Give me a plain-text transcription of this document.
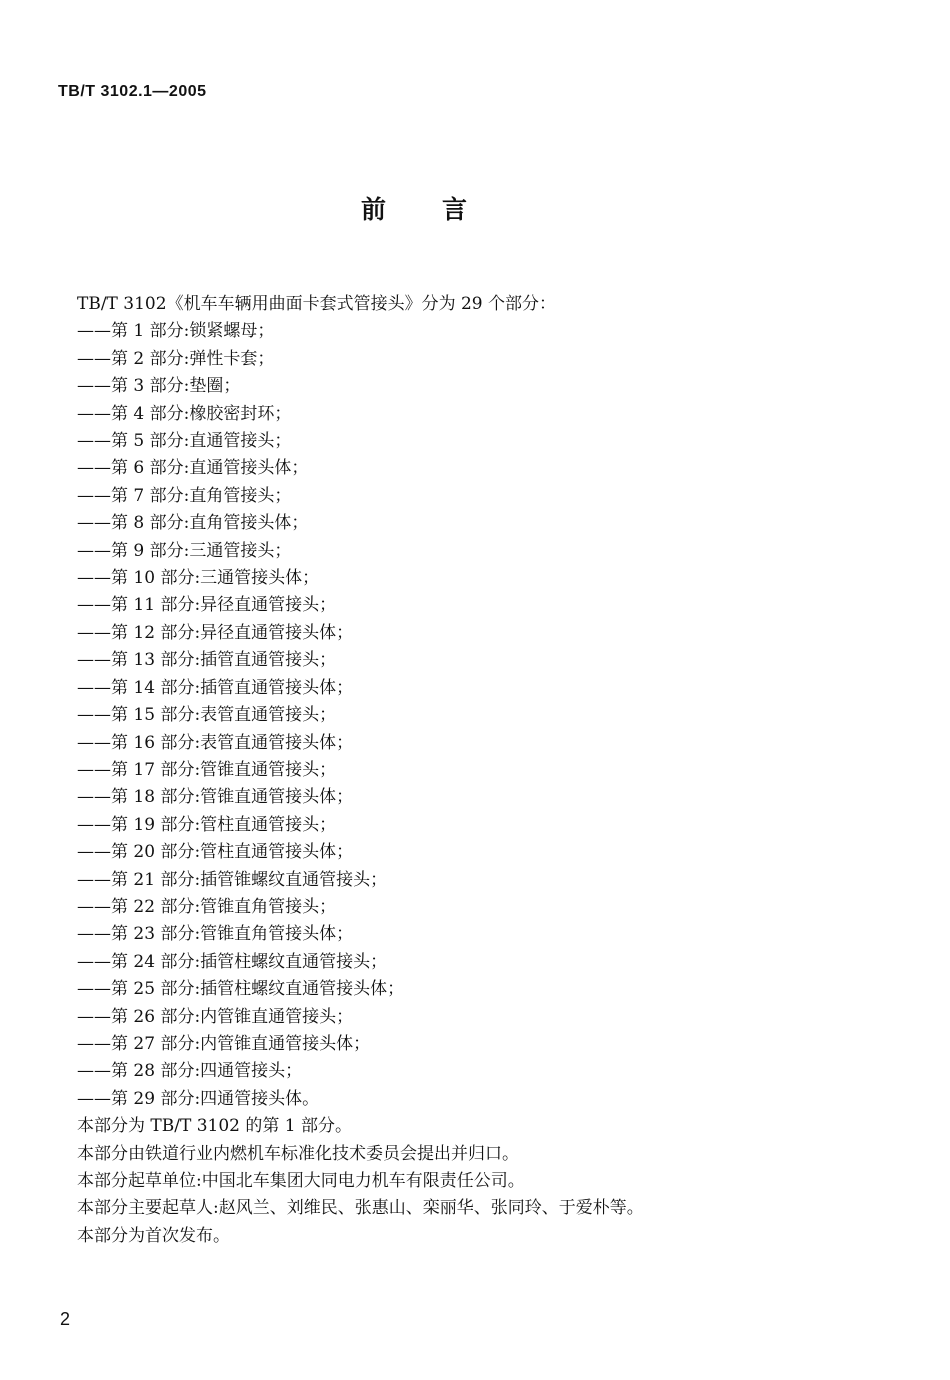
TB/T 3102.1—2005
前言

TB/T 3102《机车车辆用曲面卡套式管接头》分为 29 个部分：

——第 1 部分:锁紧螺母；

——第 2 部分:弹性卡套；

——第 3 部分:垫圈；

——第 4 部分:橡胶密封环；

——第 5 部分:直通管接头；

——第 6 部分:直通管接头体；

——第 7 部分:直角管接头；

——第 8 部分:直角管接头体；

——第 9 部分:三通管接头；

——第 10 部分:三通管接头体；

——第 11 部分:异径直通管接头；

——第 12 部分:异径直通管接头体；

——第 13 部分:插管直通管接头；

——第 14 部分:插管直通管接头体；

——第 15 部分:表管直通管接头；

——第 16 部分:表管直通管接头体；

——第 17 部分:管锥直通管接头；

——第 18 部分:管锥直通管接头体；

——第 19 部分:管柱直通管接头；

——第 20 部分:管柱直通管接头体；

——第 21 部分:插管锥螺纹直通管接头；

——第 22 部分:管锥直角管接头；

——第 23 部分:管锥直角管接头体；

——第 24 部分:插管柱螺纹直通管接头；

——第 25 部分:插管柱螺纹直通管接头体；

——第 26 部分:内管锥直通管接头；

——第 27 部分:内管锥直通管接头体；

——第 28 部分:四通管接头；

——第 29 部分:四通管接头体。

本部分为 TB/T 3102 的第 1 部分。

本部分由铁道行业内燃机车标准化技术委员会提出并归口。

本部分起草单位:中国北车集团大同电力机车有限责任公司。

本部分主要起草人:赵风兰、刘维民、张惠山、栾丽华、张同玲、于爱朴等。

本部分为首次发布。

2
